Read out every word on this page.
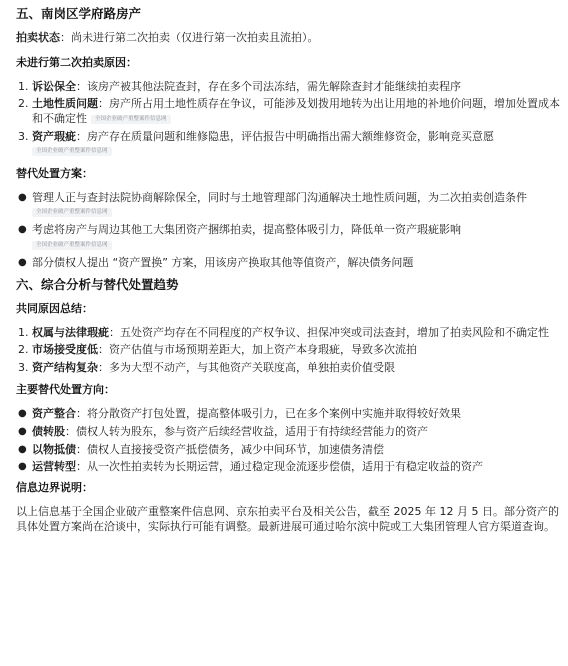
五、南岗区学府路房产

拍卖状态：尚未进行第二次拍卖（仅进行第一次拍卖且流拍）。

未进行第二次拍卖原因：

1. 诉讼保全：该房产被其他法院查封，存在多个司法冻结，需先解除查封才能继续拍卖程序
2. 土地性质问题：房产所占用土地性质存在争议，可能涉及划拨用地转为出让用地的补地价问题，增加处置成本和不确定性 全国企业破产重整案件信息网
3. 资产瑕疵：房产存在质量问题和维修隐患，评估报告中明确指出需大额维修资金，影响竞买意愿
全国企业破产重整案件信息网

替代处置方案：

● 管理人正与查封法院协商解除保全，同时与土地管理部门沟通解决土地性质问题，为二次拍卖创造条件
全国企业破产重整案件信息网
● 考虑将房产与周边其他工大集团资产捆绑拍卖，提高整体吸引力，降低单一资产瑕疵影响
全国企业破产重整案件信息网
● 部分债权人提出 “资产置换” 方案，用该房产换取其他等值资产，解决债务问题
六、综合分析与替代处置趋势

共同原因总结：

1. 权属与法律瑕疵：五处资产均存在不同程度的产权争议、担保冲突或司法查封，增加了拍卖风险和不确定性
2. 市场接受度低：资产估值与市场预期差距大，加上资产本身瑕疵，导致多次流拍
3. 资产结构复杂：多为大型不动产，与其他资产关联度高，单独拍卖价值受限

主要替代处置方向：

● 资产整合：将分散资产打包处置，提高整体吸引力，已在多个案例中实施并取得较好效果
● 债转股：债权人转为股东，参与资产后续经营收益，适用于有持续经营能力的资产
● 以物抵债：债权人直接接受资产抵偿债务，减少中间环节，加速债务清偿
● 运营转型：从一次性拍卖转为长期运营，通过稳定现金流逐步偿债，适用于有稳定收益的资产

信息边界说明：

以上信息基于全国企业破产重整案件信息网、京东拍卖平台及相关公告，截至 2025 年 12 月 5 日。部分资产的具体处置方案尚在洽谈中，实际执行可能有调整。最新进展可通过哈尔滨中院或工大集团管理人官方渠道查询。
